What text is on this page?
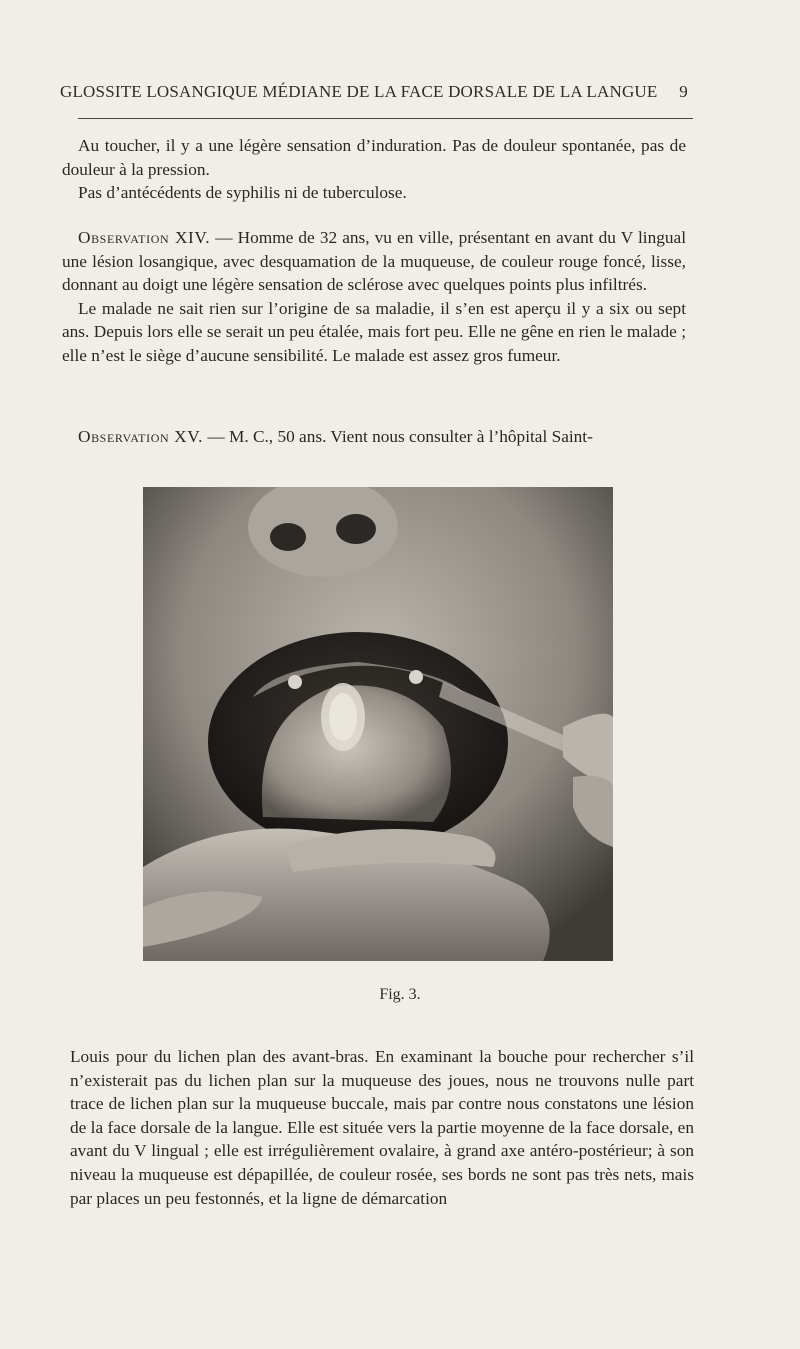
GLOSSITE LOSANGIQUE MÉDIANE DE LA FACE DORSALE DE LA LANGUE 9

Au toucher, il y a une légère sensation d’induration. Pas de douleur spontanée, pas de douleur à la pression.

Pas d’antécédents de syphilis ni de tuberculose.

Observation XIV. — Homme de 32 ans, vu en ville, présentant en avant du V lingual une lésion losangique, avec desquamation de la muqueuse, de couleur rouge foncé, lisse, donnant au doigt une légère sensation de sclérose avec quelques points plus infiltrés.

Le malade ne sait rien sur l’origine de sa maladie, il s’en est aperçu il y a six ou sept ans. Depuis lors elle se serait un peu étalée, mais fort peu. Elle ne gêne en rien le malade ; elle n’est le siège d’aucune sensibilité. Le malade est assez gros fumeur.

Observation XV. — M. C., 50 ans. Vient nous consulter à l’hôpital Saint-

Fig. 3.

Louis pour du lichen plan des avant-bras. En examinant la bouche pour rechercher s’il n’existerait pas du lichen plan sur la muqueuse des joues, nous ne trouvons nulle part trace de lichen plan sur la muqueuse buccale, mais par contre nous constatons une lésion de la face dorsale de la langue. Elle est située vers la partie moyenne de la face dorsale, en avant du V lingual ; elle est irrégulièrement ovalaire, à grand axe antéro-postérieur; à son niveau la muqueuse est dépapillée, de couleur rosée, ses bords ne sont pas très nets, mais par places un peu festonnés, et la ligne de démarcation
